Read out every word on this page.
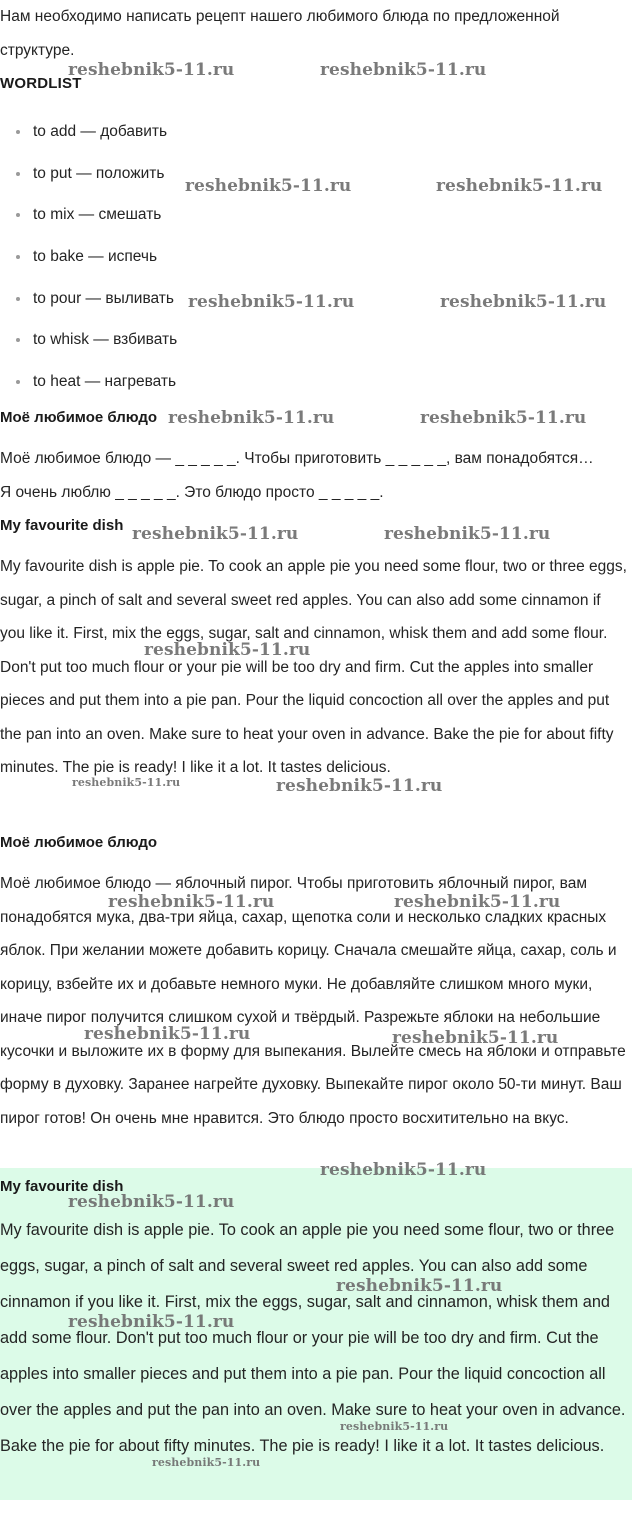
Нам необходимо написать рецепт нашего любимого блюда по предложенной структуре.

WORDLIST
to add — добавить
to put — положить
to mix — смешать
to bake — испечь
to pour — выливать
to whisk — взбивать
to heat — нагревать
Моё любимое блюдо

Моё любимое блюдо — _ _ _ _ _. Чтобы приготовить _ _ _ _ _, вам понадобятся…

Я очень люблю _ _ _ _ _. Это блюдо просто _ _ _ _ _.

My favourite dish

My favourite dish is apple pie. To cook an apple pie you need some flour, two or three eggs, sugar, a pinch of salt and several sweet red apples. You can also add some cinnamon if you like it. First, mix the eggs, sugar, salt and cinnamon, whisk them and add some flour. Don't put too much flour or your pie will be too dry and firm. Cut the apples into smaller pieces and put them into a pie pan. Pour the liquid concoction all over the apples and put the pan into an oven. Make sure to heat your oven in advance. Bake the pie for about fifty minutes. The pie is ready! I like it a lot. It tastes delicious.

Моё любимое блюдо

Моё любимое блюдо — яблочный пирог. Чтобы приготовить яблочный пирог, вам понадобятся мука, два-три яйца, сахар, щепотка соли и несколько сладких красных яблок. При желании можете добавить корицу. Сначала смешайте яйца, сахар, соль и корицу, взбейте их и добавьте немного муки. Не добавляйте слишком много муки, иначе пирог получится слишком сухой и твёрдый. Разрежьте яблоки на небольшие кусочки и выложите их в форму для выпекания. Вылейте смесь на яблоки и отправьте форму в духовку. Заранее нагрейте духовку. Выпекайте пирог около 50-ти минут. Ваш пирог готов! Он очень мне нравится. Это блюдо просто восхитительно на вкус.

My favourite dish

My favourite dish is apple pie. To cook an apple pie you need some flour, two or three eggs, sugar, a pinch of salt and several sweet red apples. You can also add some cinnamon if you like it. First, mix the eggs, sugar, salt and cinnamon, whisk them and add some flour. Don't put too much flour or your pie will be too dry and firm. Cut the apples into smaller pieces and put them into a pie pan. Pour the liquid concoction all over the apples and put the pan into an oven. Make sure to heat your oven in advance. Bake the pie for about fifty minutes. The pie is ready! I like it a lot. It tastes delicious.

reshebnik5-11.ru	reshebnik5-11.ru
reshebnik5-11.ru	reshebnik5-11.ru
reshebnik5-11.ru	reshebnik5-11.ru
reshebnik5-11.ru	reshebnik5-11.ru
reshebnik5-11.ru	reshebnik5-11.ru
reshebnik5-11.ru
reshebnik5-11.ru	reshebnik5-11.ru
reshebnik5-11.ru	reshebnik5-11.ru
reshebnik5-11.ru	reshebnik5-11.ru
reshebnik5-11.ru
reshebnik5-11.ru
reshebnik5-11.ru
reshebnik5-11.ru
reshebnik5-11.ru
reshebnik5-11.ru
